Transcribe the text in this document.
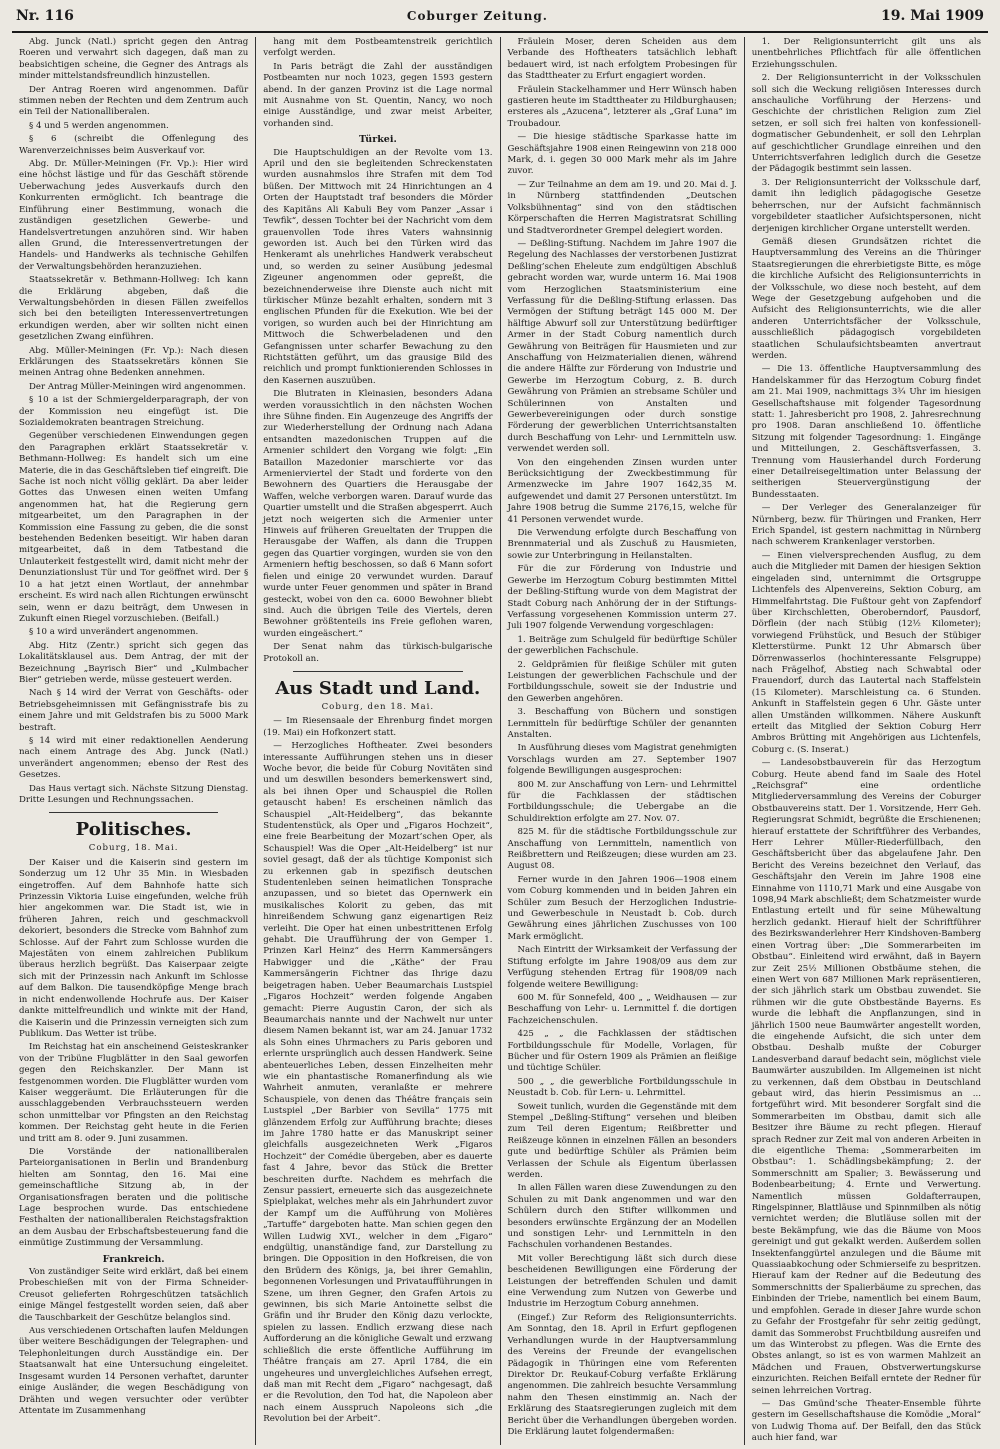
Nr. 116	Coburger Zeitung.	19. Mai 1909

Abg. Junck (Natl.) spricht gegen den Antrag Roeren und verwahrt sich dagegen, daß man zu beabsichtigen scheine, die Gegner des Antrags als minder mittelstandsfreundlich hinzustellen.

Der Antrag Roeren wird angenommen. Dafür stimmen neben der Rechten und dem Zentrum auch ein Teil der Nationalliberalen.

§ 4 und 5 werden angenommen.

§ 6 (schreibt die Offenlegung des Warenverzeichnisses beim Ausverkauf vor.

Abg. Dr. Müller-Meiningen (Fr. Vp.): Hier wird eine höchst lästige und für das Geschäft störende Ueberwachung jedes Ausverkaufs durch den Konkurrenten ermöglicht. Ich beantrage die Einführung einer Bestimmung, wonach die zuständigen gesetzlichen Gewerbe- und Handelsvertretungen anzuhören sind. Wir haben allen Grund, die Interessenvertretungen der Handels- und Handwerks als technische Gehilfen der Verwaltungsbehörden heranzuziehen.

Staatssekretär v. Bethmann-Hollweg: Ich kann die Erklärung abgeben, daß die Verwaltungsbehörden in diesen Fällen zweifellos sich bei den beteiligten Interessenvertretungen erkundigen werden, aber wir sollten nicht einen gesetzlichen Zwang einführen.

Abg. Müller-Meiningen (Fr. Vp.): Nach diesen Erklärungen des Staatssekretärs können Sie meinen Antrag ohne Bedenken annehmen.

Der Antrag Müller-Meiningen wird angenommen.

§ 10 a ist der Schmiergelderparagraph, der von der Kommission neu eingefügt ist. Die Sozialdemokraten beantragen Streichung.

Gegenüber verschiedenen Einwendungen gegen den Paragraphen erklärt Staatssekretär v. Bethmann-Hollweg: Es handelt sich um eine Materie, die in das Geschäftsleben tief eingreift. Die Sache ist noch nicht völlig geklärt. Da aber leider Gottes das Unwesen einen weiten Umfang angenommen hat, hat die Regierung gern mitgearbeitet, um den Paragraphen in der Kommission eine Fassung zu geben, die die sonst bestehenden Bedenken beseitigt. Wir haben daran mitgearbeitet, daß in dem Tatbestand die Unlauterkeit festgestellt wird, damit nicht mehr der Denunziationslust Tür und Tor geöffnet wird. Der § 10 a hat jetzt einen Wortlaut, der annehmbar erscheint. Es wird nach allen Richtungen erwünscht sein, wenn er dazu beiträgt, dem Unwesen in Zukunft einen Riegel vorzuschieben. (Beifall.)

§ 10 a wird unverändert angenommen.

Abg. Hitz (Zentr.) spricht sich gegen das Lokalitätsklausel aus. Dem Antrag, der mit der Bezeichnung „Bayrisch Bier“ und „Kulmbacher Bier“ getrieben werde, müsse gesteuert werden.

Nach § 14 wird der Verrat von Geschäfts- oder Betriebsgeheimnissen mit Gefängnisstrafe bis zu einem Jahre und mit Geldstrafen bis zu 5000 Mark bestraft.

§ 14 wird mit einer redaktionellen Aenderung nach einem Antrage des Abg. Junck (Natl.) unverändert angenommen; ebenso der Rest des Gesetzes.

Das Haus vertagt sich. Nächste Sitzung Dienstag. Dritte Lesungen und Rechnungssachen.

Politisches.

Coburg, 18. Mai.

Der Kaiser und die Kaiserin sind gestern im Sonderzug um 12 Uhr 35 Min. in Wiesbaden eingetroffen. Auf dem Bahnhofe hatte sich Prinzessin Viktoria Luise eingefunden, welche früh hier angekommen war. Die Stadt ist, wie in früheren Jahren, reich und geschmackvoll dekoriert, besonders die Strecke vom Bahnhof zum Schlosse. Auf der Fahrt zum Schlosse wurden die Majestäten von einem zahlreichen Publikum überaus herzlich begrüßt. Das Kaiserpaar zeigte sich mit der Prinzessin nach Ankunft im Schlosse auf dem Balkon. Die tausendköpfige Menge brach in nicht endenwollende Hochrufe aus. Der Kaiser dankte mittelfreundlich und winkte mit der Hand, die Kaiserin und die Prinzessin verneigten sich zum Publikum. Das Wetter ist trübe.

Im Reichstag hat ein anscheinend Geisteskranker von der Tribüne Flugblätter in den Saal geworfen gegen den Reichskanzler. Der Mann ist festgenommen worden. Die Flugblätter wurden vom Kaiser weggeräumt. Die Erläuterungen für die ausschlaggebenden Verbrauchssteuern werden schon unmittelbar vor Pfingsten an den Reichstag kommen. Der Reichstag geht heute in die Ferien und tritt am 8. oder 9. Juni zusammen.

Die Vorstände der nationalliberalen Parteiorganisationen in Berlin und Brandenburg hielten am Sonntag, den 16. Mai eine gemeinschaftliche Sitzung ab, in der Organisationsfragen beraten und die politische Lage besprochen wurde. Das entschiedene Festhalten der nationalliberalen Reichstagsfraktion an dem Ausbau der Erbschaftsbesteuerung fand die einmütige Zustimmung der Versammlung.

Frankreich.

Von zuständiger Seite wird erklärt, daß bei einem Probeschießen mit von der Firma Schneider-Creusot gelieferten Rohrgeschützen tatsächlich einige Mängel festgestellt worden seien, daß aber die Tauschbarkeit der Geschütze belanglos sind.

Aus verschiedenen Ortschaften laufen Meldungen über weitere Beschädigungen der Telegraphen- und Telephonleitungen durch Ausständige ein. Der Staatsanwalt hat eine Untersuchung eingeleitet. Insgesamt wurden 14 Personen verhaftet, darunter einige Ausländer, die wegen Beschädigung von Drähten und wegen versuchter oder verübter Attentate im Zusammenhang

hang mit dem Postbeamtenstreik gerichtlich verfolgt werden.

In Paris beträgt die Zahl der ausständigen Postbeamten nur noch 1023, gegen 1593 gestern abend. In der ganzen Provinz ist die Lage normal mit Ausnahme von St. Quentin, Nancy, wo noch einige Ausständige, und zwar meist Arbeiter, vorhanden sind.

Türkei.

Die Hauptschuldigen an der Revolte vom 13. April und den sie begleitenden Schreckenstaten wurden ausnahmslos ihre Strafen mit dem Tod büßen. Der Mittwoch mit 24 Hinrichtungen an 4 Orten der Hauptstadt traf besonders die Mörder des Kapitäns Ali Kabuli Bey vom Panzer „Assar i Tewfik“, dessen Tochter bei der Nachricht vom dem grauenvollen Tode ihres Vaters wahnsinnig geworden ist. Auch bei den Türken wird das Henkeramt als unehrliches Handwerk verabscheut und, so werden zu seiner Ausübung jedesmal Zigeuner angenommen oder gepreßt, die bezeichnenderweise ihre Dienste auch nicht mit türkischer Münze bezahlt erhalten, sondern mit 3 englischen Pfunden für die Exekution. Wie bei der vorigen, so wurden auch bei der Hinrichtung am Mittwoch die Schwerbeladenen und den Gefangnissen unter scharfer Bewachung zu den Richtstätten geführt, um das grausige Bild des reichlich und prompt funktionierenden Schlosses in den Kasernen auszuüben.

Die Blutraten in Kleinasien, besonders Adana werden voraussichtlich in den nächsten Wochen ihre Sühne finden. Ein Augenzeuge des Angriffs der zur Wiederherstellung der Ordnung nach Adana entsandten mazedonischen Truppen auf die Armenier schildert den Vorgang wie folgt: „Ein Bataillon Mazedonier marschierte vor das Armenierviertel der Stadt und forderte von den Bewohnern des Quartiers die Herausgabe der Waffen, welche verborgen waren. Darauf wurde das Quartier umstellt und die Straßen abgesperrt. Auch jetzt noch weigerten sich die Armenier unter Hinweis auf früheren Greueltaten der Truppen die Herausgabe der Waffen, als dann die Truppen gegen das Quartier vorgingen, wurden sie von den Armeniern heftig beschossen, so daß 6 Mann sofort fielen und einige 20 verwundet wurden. Darauf wurde unter Feuer genommen und später in Brand gesteckt, wobei von den ca. 6000 Bewohner bliebt sind. Auch die übrigen Teile des Viertels, deren Bewohner größtenteils ins Freie geflohen waren, wurden eingeäschert.“

Der Senat nahm das türkisch-bulgarische Protokoll an.

Aus Stadt und Land.

Coburg, den 18. Mai.

— Im Riesensaale der Ehrenburg findet morgen (19. Mai) ein Hofkonzert statt.

— Herzogliches Hoftheater. Zwei besonders interessante Aufführungen stehen uns in dieser Woche bevor, die beide für Coburg Novitäten sind und um deswillen besonders bemerkenswert sind, als bei ihnen Oper und Schauspiel die Rollen getauscht haben! Es erscheinen nämlich das Schauspiel „Alt-Heidelberg“, das bekannte Studentenstück, als Oper und „Figaros Hochzeit“, eine freie Bearbeitung der Mozart’schen Oper, als Schauspiel! Was die Oper „Alt-Heidelberg“ ist nur soviel gesagt, daß der als tüchtige Komponist sich zu erkennen gab in spezifisch deutschen Studentenleben seinen heimatlichen Tonsprache anzupassen, und so bietet das Opernwerk ein musikalisches Kolorit zu geben, das mit hinreißendem Schwung ganz eigenartigen Reiz verleiht. Die Oper hat einen unbestrittenen Erfolg gehabt. Die Uraufführung der von Gemper 1. Prinzen Karl Heinz“ des Herrn Kammersängers Habwigger und die „Käthe“ der Frau Kammersängerin Fichtner das Ihrige dazu beigetragen haben. Ueber Beaumarchais Lustspiel „Figaros Hochzeit“ werden folgende Angaben gemacht: Pierre Augustin Caron, der sich als Beaumarchais nannte und der Nachwelt nur unter diesem Namen bekannt ist, war am 24. Januar 1732 als Sohn eines Uhrmachers zu Paris geboren und erlernte ursprünglich auch dessen Handwerk. Seine abenteuerliches Leben, dessen Einzelheiten mehr wie ein phantastische Romanerfindung als wie Wahrheit anmuten, veranlaßte er mehrere Schauspiele, von denen das Théâtre français sein Lustspiel „Der Barbier von Sevilla“ 1775 mit glänzendem Erfolg zur Aufführung brachte; dieses im Jahre 1780 hatte er das Manuskript seiner gleichfalls ausgezeichneten Werk „Figaros Hochzeit“ der Comédie übergeben, aber es dauerte fast 4 Jahre, bevor das Stück die Bretter beschreiten durfte. Nachdem es mehrfach die Zensur passiert, erneuerte sich das ausgezeichnete Spielplakat, welches mehr als ein Jahrhundert zuvor der Kampf um die Aufführung von Molières „Tartuffe“ dargeboten hatte. Man schien gegen den Willen Ludwig XVI., welcher in dem „Figaro“ endgültig, unanständige fand, zur Darstellung zu bringen. Die Opposition in den Hofkreisen, die von den Brüdern des Königs, ja, bei ihrer Gemahlin, begonnenen Vorlesungen und Privataufführungen in Szene, um ihren Gegner, den Grafen Artois zu gewinnen, bis sich Marie Antoinette selbst die Gräfin und ihr Bruder den König dazu verlockte, spielen zu lassen. Endlich erzwang diese nach Aufforderung an die königliche Gewalt und erzwang schließlich die erste öffentliche Aufführung im Théâtre français am 27. April 1784, die ein ungeheures und unvergleichliches Aufsehen erregt, daß man mit Recht dem „Figaro“ nachgesagt, daß er die Revolution, den Tod hat, die Napoleon aber nach einem Ausspruch Napoleons sich „die Revolution bei der Arbeit“.

Fräulein Moser, deren Scheiden aus dem Verbande des Hoftheaters tatsächlich lebhaft bedauert wird, ist nach erfolgtem Probesingen für das Stadttheater zu Erfurt engagiert worden.

Fräulein Stackelhammer und Herr Wünsch haben gastieren heute im Stadttheater zu Hildburghausen; ersteres als „Azucena“, letzterer als „Graf Luna“ im Troubadour.

— Die hiesige städtische Sparkasse hatte im Geschäftsjahre 1908 einen Reingewinn von 218 000 Mark, d. i. gegen 30 000 Mark mehr als im Jahre zuvor.

— Zur Teilnahme an dem am 19. und 20. Mai d. J. in Nürnberg stattfindenden „Deutschen Volksbühnentag“ sind von den städtischen Körperschaften die Herren Magistratsrat Schilling und Stadtverordneter Grempel delegiert worden.

— Deßling-Stiftung. Nachdem im Jahre 1907 die Regelung des Nachlasses der verstorbenen Justizrat Deßling’schen Eheleute zum endgültigen Abschluß gebracht worden war, wurde unterm 16. Mai 1908 vom Herzoglichen Staatsministerium eine Verfassung für die Deßling-Stiftung erlassen. Das Vermögen der Stiftung beträgt 145 000 M. Der hälftige Abwurf soll zur Unterstützung bedürftiger Armer in der Stadt Coburg namentlich durch Gewährung von Beiträgen für Hausmieten und zur Anschaffung von Heizmaterialien dienen, während die andere Hälfte zur Förderung von Industrie und Gewerbe im Herzogtum Coburg, z. B. durch Gewährung von Prämien an strebsame Schüler und Schülerinnen von Anstalten und Gewerbevereinigungen oder durch sonstige Förderung der gewerblichen Unterrichtsanstalten durch Beschaffung von Lehr- und Lernmitteln usw. verwendet werden soll.

Von den eingehenden Zinsen wurden unter Berücksichtigung der Zweckbestimmung für Armenzwecke im Jahre 1907 1642,35 M. aufgewendet und damit 27 Personen unterstützt. Im Jahre 1908 betrug die Summe 2176,15, welche für 41 Personen verwendet wurde.

Die Verwendung erfolgte durch Beschaffung von Brennmaterial und als Zuschuß zu Hausmieten, sowie zur Unterbringung in Heilanstalten.

Für die zur Förderung von Industrie und Gewerbe im Herzogtum Coburg bestimmten Mittel der Deßling-Stiftung wurde von dem Magistrat der Stadt Coburg nach Anhörung der in der Stiftungs-Verfassung vorgesehenen Kommission unterm 27. Juli 1907 folgende Verwendung vorgeschlagen:

1. Beiträge zum Schulgeld für bedürftige Schüler der gewerblichen Fachschule.

2. Geldprämien für fleißige Schüler mit guten Leistungen der gewerblichen Fachschule und der Fortbildungsschule, soweit sie der Industrie und den Gewerben angehören.

3. Beschaffung von Büchern und sonstigen Lernmitteln für bedürftige Schüler der genannten Anstalten.

In Ausführung dieses vom Magistrat genehmigten Vorschlags wurden am 27. September 1907 folgende Bewilligungen ausgesprochen:

800 M. zur Anschaffung von Lern- und Lehrmittel für die Fachklassen der städtischen Fortbildungsschule; die Uebergabe an die Schuldirektion erfolgte am 27. Nov. 07.

825 M. für die städtische Fortbildungsschule zur Anschaffung von Lernmitteln, namentlich von Reißbrettern und Reißzeugen; diese wurden am 23. August 08.

Ferner wurde in den Jahren 1906—1908 einem vom Coburg kommenden und in beiden Jahren ein Schüler zum Besuch der Herzoglichen Industrie- und Gewerbeschule in Neustadt b. Cob. durch Gewährung eines jährlichen Zuschusses von 100 Mark ermöglicht.

Nach Eintritt der Wirksamkeit der Verfassung der Stiftung erfolgte im Jahre 1908/09 aus dem zur Verfügung stehenden Ertrag für 1908/09 nach folgende weitere Bewilligung:

600 M. für Sonnefeld, 400 „ „ Weidhausen — zur Beschaffung von Lehr- u. Lernmittel f. die dortigen Fachzeichenschulen.

425 „ „ die Fachklassen der städtischen Fortbildungsschule für Modelle, Vorlagen, für Bücher und für Ostern 1909 als Prämien an fleißige und tüchtige Schüler.

500 „ „ die gewerbliche Fortbildungsschule in Neustadt b. Cob. für Lern- u. Lehrmittel.

Soweit tunlich, wurden die Gegenstände mit dem Stempel „Deßling-Stiftung“ versehen und bleiben zum Teil deren Eigentum; Reißbretter und Reißzeuge können in einzelnen Fällen an besonders gute und bedürftige Schüler als Prämien beim Verlassen der Schule als Eigentum überlassen werden.

In allen Fällen waren diese Zuwendungen zu den Schulen zu mit Dank angenommen und war den Schülern durch den Stifter willkommen und besonders erwünschte Ergänzung der an Modellen und sonstigen Lehr- und Lernmitteln in den Fachschulen vorhandenen Bestandes.

Mit voller Berechtigung läßt sich durch diese bescheidenen Bewilligungen eine Förderung der Leistungen der betreffenden Schulen und damit eine Verwendung zum Nutzen von Gewerbe und Industrie im Herzogtum Coburg annehmen.

(Eingef.) Zur Reform des Religionsunterrichts. Am Sonntag, den 18. April in Erfurt gepflogenen Verhandlungen wurde in der Hauptversammlung des Vereins der Freunde der evangelischen Pädagogik in Thüringen eine vom Referenten Direktor Dr. Reukauf-Coburg verfaßte Erklärung angenommen. Die zahlreich besuchte Versammlung nahm den Thesen einstimmig an. Nach der Erklärung des Staatsregierungen zugleich mit dem Bericht über die Verhandlungen übergeben worden. Die Erklärung lautet folgendermaßen:

1. Der Religionsunterricht gilt uns als unentbehrliches Pflichtfach für alle öffentlichen Erziehungsschulen.

2. Der Religionsunterricht in der Volksschulen soll sich die Weckung religiösen Interesses durch anschauliche Vorführung der Herzens- und Geschichte der christlichen Religion zum Ziel setzen, er soll sich frei halten von konfessionell-dogmatischer Gebundenheit, er soll den Lehrplan auf geschichtlicher Grundlage einreihen und den Unterrichtsverfahren lediglich durch die Gesetze der Pädagogik bestimmt sein lassen.

3. Der Religionsunterricht der Volksschule darf, damit ihn lediglich pädagogische Gesetze beherrschen, nur der Aufsicht fachmännisch vorgebildeter staatlicher Aufsichtspersonen, nicht derjenigen kirchlicher Organe unterstellt werden.

Gemäß diesen Grundsätzen richtet die Hauptversammlung des Vereins an die Thüringer Staatsregierungen die ehrerbietigste Bitte, es möge die kirchliche Aufsicht des Religionsunterrichts in der Volksschule, wo diese noch besteht, auf dem Wege der Gesetzgebung aufgehoben und die Aufsicht des Religionsunterrichts, wie die aller anderen Unterrichtsfächer der Volksschule, ausschließlich pädagogisch vorgebildeten staatlichen Schulaufsichtsbeamten anvertraut werden.

— Die 13. öffentliche Hauptversammlung des Handelskammer für das Herzogtum Coburg findet am 21. Mai 1909, nachmittags 3¾ Uhr im hiesigen Gesellschaftshause mit folgender Tagesordnung statt: 1. Jahresbericht pro 1908, 2. Jahresrechnung pro 1908. Daran anschließend 10. öffentliche Sitzung mit folgender Tagesordnung: 1. Eingänge und Mitteilungen, 2. Geschäftsverfassen, 3. Trennung vom Hausierhandel durch Forderung einer Detailreisegeltimation unter Belassung der seitherigen Steuervergünstigung der Bundesstaaten.

— Der Verleger des Generalanzeiger für Nürnberg, bezw. für Thüringen und Franken, Herr Erich Spandel, ist gestern nachmittag in Nürnberg nach schwerem Krankenlager verstorben.

— Einen vielversprechenden Ausflug, zu dem auch die Mitglieder mit Damen der hiesigen Sektion eingeladen sind, unternimmt die Ortsgruppe Lichtenfels des Alpenvereins, Sektion Coburg, am Himmelfahrtstag. Die Fußtour geht von Zapfendorf über Kirchschletten, Oberoberndorf, Pausdorf, Dörflein (der nach Stübig (12½ Kilometer); vorwiegend Frühstück, und Besuch der Stübiger Kletterstürme. Punkt 12 Uhr Abmarsch über Dörrenwasserlos (hochinteressante Felsgruppe) nach Frägelhof, Abstieg nach Schwabtal oder Frauendorf, durch das Lautertal nach Staffelstein (15 Kilometer). Marschleistung ca. 6 Stunden. Ankunft in Staffelstein gegen 6 Uhr. Gäste unter allen Umständen willkommen. Nähere Auskunft erteilt das Mitglied der Sektion Coburg Herr Ambros Brütting mit Angehörigen aus Lichtenfels, Coburg c. (S. Inserat.)

— Landesobstbauverein für das Herzogtum Coburg. Heute abend fand im Saale des Hotel „Reichsgraf“ eine ordentliche Mitgliederversammlung des Vereins der Coburger Obstbauvereins statt. Der 1. Vorsitzende, Herr Geh. Regierungsrat Schmidt, begrüßte die Erschienenen; hierauf erstattete der Schriftführer des Verbandes, Herr Lehrer Müller-Riederfüllbach, den Geschäftsbericht über das abgelaufene Jahr. Den Bericht des Vereins bezeichnet den Verlauf, das Geschäftsjahr den Verein im Jahre 1908 eine Einnahme von 1110,71 Mark und eine Ausgabe von 1098,94 Mark abschließt; dem Schatzmeister wurde Entlastung erteilt und für seine Mühewaltung herzlich gedankt. Hierauf hielt der Schriftführer des Bezirkswanderlehrer Herr Kindshoven-Bamberg einen Vortrag über: „Die Sommerarbeiten im Obstbau“. Einleitend wird erwähnt, daß in Bayern zur Zeit 25½ Millionen Obstbäume stehen, die einen Wert von 687 Millionen Mark repräsentieren, der sich jährlich stark um Obstbau zuwendet. Sie rühmen wir die gute Obstbestände Bayerns. Es wurde die lebhaft die Anpflanzungen, sind in jährlich 1500 neue Baumwärter angestellt worden, die eingehende Aufsicht, die sich unter dem Obstbau. Deshalb mußte der Coburger Landesverband darauf bedacht sein, möglichst viele Baumwärter auszubilden. Im Allgemeinen ist nicht zu verkennen, daß dem Obstbau in Deutschland gebaut wird, das hierin Pessimismus an ... fortgeführt wird. Mit besonderer Sorgfalt sind die Sommerarbeiten im Obstbau, damit sich alle Besitzer ihre Bäume zu recht pflegen. Hierauf sprach Redner zur Zeit mal von anderen Arbeiten in die eigentliche Thema: „Sommerarbeiten im Obstbau“: 1. Schädlingsbekämpfung; 2. der Sommerschnitt am Spalier; 3. Bewässerung und Bodenbearbeitung; 4. Ernte und Verwertung. Namentlich müssen Goldafterraupen, Ringelspinner, Blattläuse und Spinnmilben als nötig vernichtet werden; die Blutläuse sollen mit der beste Bekämpfung, wie das die Bäume von Moos gereinigt und gut gekalkt werden. Außerdem sollen Insektenfanggürtel anzulegen und die Bäume mit Quassiaabkochung oder Schmierseife zu bespritzen. Hierauf kam der Redner auf die Bedeutung des Sommerschnitts der Spalierbäume zu sprechen, das Einbinden der Triebe, namentlich bei einem Baum, und empfohlen. Gerade in dieser Jahre wurde schon zu Gefahr der Frostgefahr für sehr zeitig gedüngt, damit das Sommerobst Fruchtbildung ausreifen und um das Winterobst zu pflegen. Was die Ernte des Obstes anlangt, so ist es von warmen Mahlzeit an Mädchen und Frauen, Obstverwertungskurse einzurichten. Reichen Beifall erntete der Redner für seinen lehrreichen Vortrag.

— Das Gmünd’sche Theater-Ensemble führte gestern im Gesellschaftshause die Komödie „Moral“ von Ludwig Thoma auf. Der Beifall, den das Stück auch hier fand, war
